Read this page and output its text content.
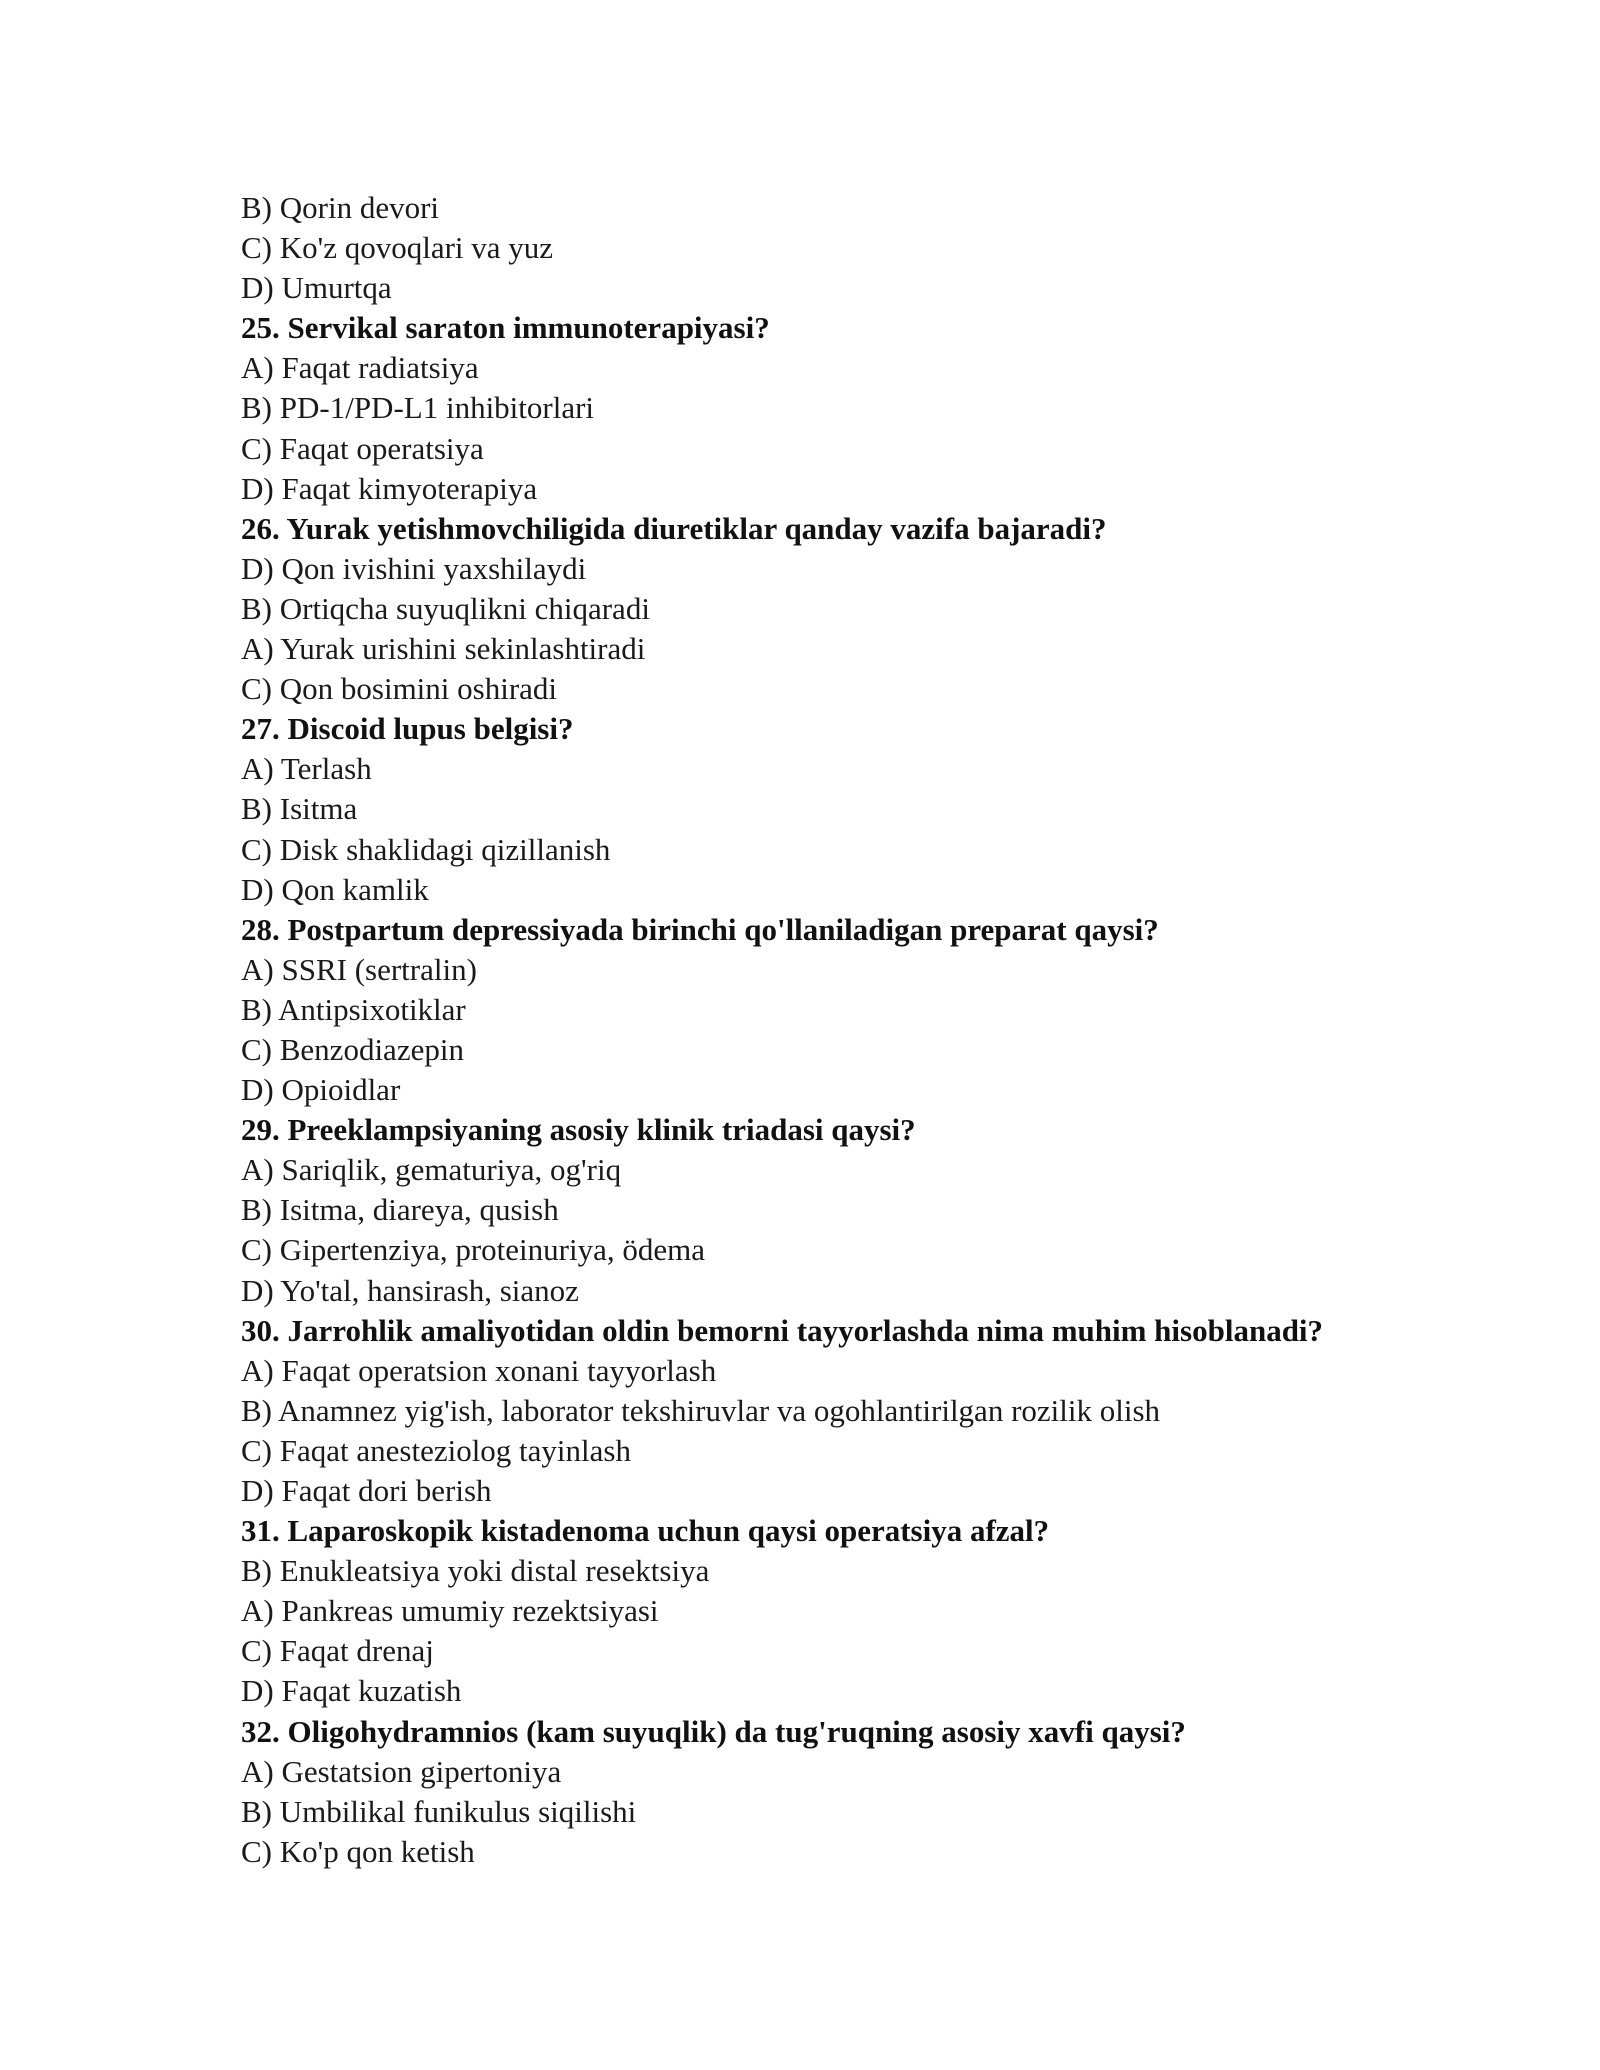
B) Qorin devori
C) Ko'z qovoqlari va yuz
D) Umurtqa
25. Servikal saraton immunoterapiyasi?
A) Faqat radiatsiya
B) PD-1/PD-L1 inhibitorlari
C) Faqat operatsiya
D) Faqat kimyoterapiya
26. Yurak yetishmovchiligida diuretiklar qanday vazifa bajaradi?
D) Qon ivishini yaxshilaydi
B) Ortiqcha suyuqlikni chiqaradi
A) Yurak urishini sekinlashtiradi
C) Qon bosimini oshiradi
27. Discoid lupus belgisi?
A) Terlash
B) Isitma
C) Disk shaklidagi qizillanish
D) Qon kamlik
28. Postpartum depressiyada birinchi qo'llaniladigan preparat qaysi?
A) SSRI (sertralin)
B) Antipsixotiklar
C) Benzodiazepin
D) Opioidlar
29. Preeklampsiyaning asosiy klinik triadasi qaysi?
A) Sariqlik, gematuriya, og'riq
B) Isitma, diareya, qusish
C) Gipertenziya, proteinuriya, ödema
D) Yo'tal, hansirash, sianoz
30. Jarrohlik amaliyotidan oldin bemorni tayyorlashda nima muhim hisoblanadi?
A) Faqat operatsion xonani tayyorlash
B) Anamnez yig'ish, laborator tekshiruvlar va ogohlantirilgan rozilik olish
C) Faqat anesteziolog tayinlash
D) Faqat dori berish
31. Laparoskopik kistadenoma uchun qaysi operatsiya afzal?
B) Enukleatsiya yoki distal resektsiya
A) Pankreas umumiy rezektsiyasi
C) Faqat drenaj
D) Faqat kuzatish
32. Oligohydramnios (kam suyuqlik) da tug'ruqning asosiy xavfi qaysi?
A) Gestatsion gipertoniya
B) Umbilikal funikulus siqilishi
C) Ko'p qon ketish
